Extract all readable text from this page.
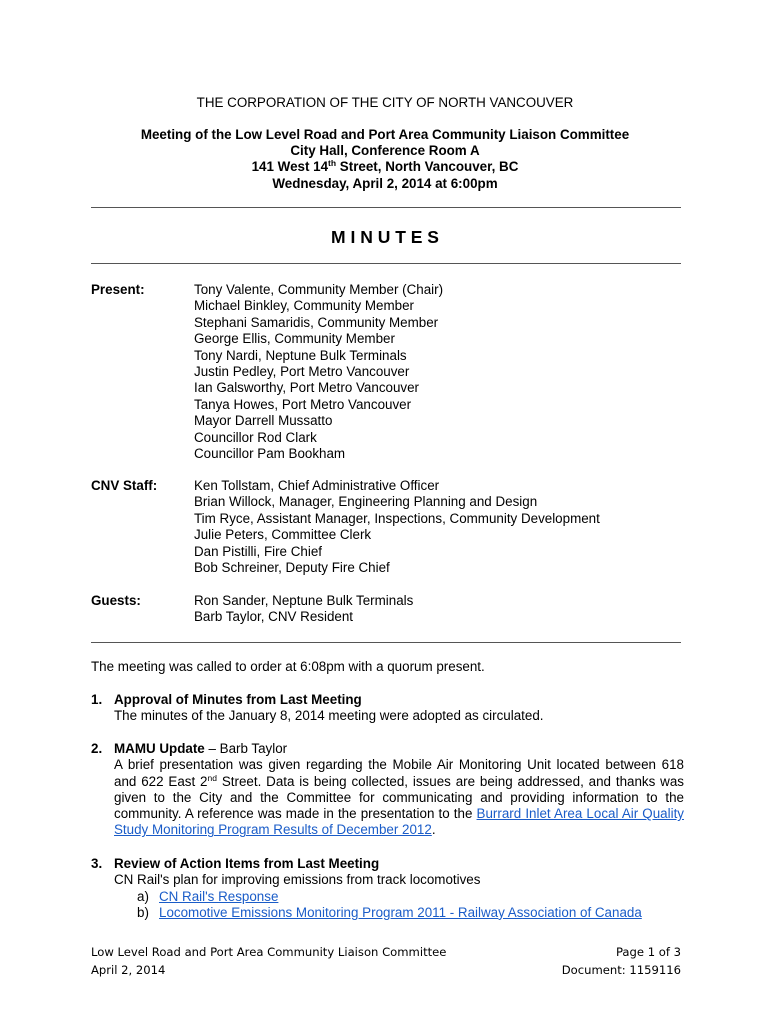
THE CORPORATION OF THE CITY OF NORTH VANCOUVER
Meeting of the Low Level Road and Port Area Community Liaison Committee
City Hall, Conference Room A
141 West 14th Street, North Vancouver, BC
Wednesday, April 2, 2014 at 6:00pm
M I N U T E S
Present:	Tony Valente, Community Member (Chair)
Michael Binkley, Community Member
Stephani Samaridis, Community Member
George Ellis, Community Member
Tony Nardi, Neptune Bulk Terminals
Justin Pedley, Port Metro Vancouver
Ian Galsworthy, Port Metro Vancouver
Tanya Howes, Port Metro Vancouver
Mayor Darrell Mussatto
Councillor Rod Clark
Councillor Pam Bookham
CNV Staff:	Ken Tollstam, Chief Administrative Officer
Brian Willock, Manager, Engineering Planning and Design
Tim Ryce, Assistant Manager, Inspections, Community Development
Julie Peters, Committee Clerk
Dan Pistilli, Fire Chief
Bob Schreiner, Deputy Fire Chief
Guests:	Ron Sander, Neptune Bulk Terminals
Barb Taylor, CNV Resident
The meeting was called to order at 6:08pm with a quorum present.
1. Approval of Minutes from Last Meeting
The minutes of the January 8, 2014 meeting were adopted as circulated.
2. MAMU Update – Barb Taylor
A brief presentation was given regarding the Mobile Air Monitoring Unit located between 618 and 622 East 2nd Street. Data is being collected, issues are being addressed, and thanks was given to the City and the Committee for communicating and providing information to the community. A reference was made in the presentation to the Burrard Inlet Area Local Air Quality Study Monitoring Program Results of December 2012.
3. Review of Action Items from Last Meeting
CN Rail's plan for improving emissions from track locomotives
a) CN Rail's Response
b) Locomotive Emissions Monitoring Program 2011 - Railway Association of Canada
Low Level Road and Port Area Community Liaison Committee
April 2, 2014
Page 1 of 3
Document: 1159116
